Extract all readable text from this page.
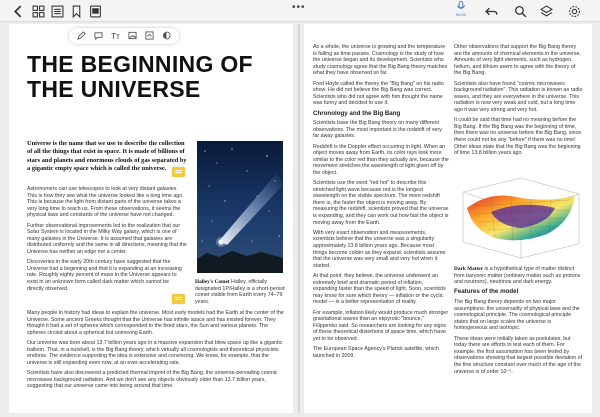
•••
00:00
Tт
THE BEGINNING OF
THE UNIVERSE
Universe is the name that we use to describe the collection of all the things that exist in space. It is made of billions of stars and planets and enormous clouds of gas separated by a gigantic empty space which is called the universe.

Astronomers can use telescopes to look at very distant galaxies. This is how they see what the universe looked like a long time ago. This is because the light from distant parts of the universe takes a very long time to reach us. From these observations, it seems the physical laws and constants of the universe have not changed.

Further observational improvements led to the realization that our Solar System is located in the Milky Way galaxy, which is one of many galaxies in the Universe. It is assumed that galaxies are distributed uniformly and the same in all directions, meaning that the Universe has neither an edge nor a center.

Discoveries in the early 20th century have suggested that the Universe had a beginning and that it is expanding at an increasing rate. Roughly eighty percent of mass in the Universe appears to exist in an unknown form called dark matter which cannot be directly observed.

Halley's Comet Halley, officially designated 1P/Halley is a short-period comet visible from Earth every 74–79 years.

Many people in history had ideas to explain the universe. Most early models had the Earth at the center of the Universe. Some ancient Greeks thought that the Universe has infinite space and has existed forever. They thought it had a set of spheres which corresponded to the fixed stars, the Sun and various planets. The spheres circled about a spherical but unmoving Earth.

Our universe was born about 13.7 billion years ago in a massive expansion that blew space up like a gigantic balloon. That, in a nutshell, is the Big Bang theory, which virtually all cosmologists and theoretical physicists endorse. The evidence supporting the idea is extensive and convincing. We know, for example, that the universe is still expanding even now, at an ever-accelerating rate.

Scientists have also discovered a predicted thermal imprint of the Big Bang, the universe-pervading cosmic microwave background radiation. And we don't see any objects obviously older than 13.7 billion years, suggesting that our universe came into being around that time.

As a whole, the universe is growing and the temperature is falling as time passes. Cosmology is the study of how the universe began and its development. Scientists who study cosmology agree that the Big Bang theory matches what they have observed so far.

Fred Hoyle called the theory the "Big Bang" on his radio show. He did not believe the Big Bang was correct. Scientists who did not agree with him thought the name was funny and decided to use it.

Chronology and the Big Bang

Scientists base the Big Bang theory on many different observations. The most important is the redshift of very far away galaxies.

Redshift is the Doppler effect occurring in light. When an object moves away from Earth, its color rays look more similar to the color red than they actually are, because the movement stretches the wavelength of light given off by the object.

Scientists use the word "red hot" to describe this stretched light wave because red is the longest wavelength on the visible spectrum. The more redshift there is, the faster the object is moving away. By measuring the redshift, scientists proved that the universe is expanding, and they can work out how fast the object is moving away from the Earth.

With very exact observation and measurements, scientists believe that the universe was a singularity approximately 13.8 billion years ago. Because most things become colder as they expand, scientists assume that the universe was very small and very hot when it started.

At that point, they believe, the universe underwent an extremely brief and dramatic period of inflation, expanding faster than the speed of light. Soon, scientists may know for sure which theory — inflation or the cyclic model — is a better representation of reality.

For example, inflation likely would produce much stronger gravitational waves than an ekpyrotic "bounce," Filippenko said. So researchers are looking for any signs of these theoretical distortions of space time, which have yet to be observed.

The European Space Agency's Planck satellite, which launched in 2009.

Other observations that support the Big Bang theory are the amounts of chemical elements in the universe. Amounts of very light elements, such as hydrogen, helium, and lithium seem to agree with the theory of the Big Bang.

Scientists also have found "cosmic microwaves background radiation". This radiation is known as radio waves, and they are everywhere in the universe. This radiation is now very weak and cold, but a long time ago it was very strong and very hot.

It could be said that time had no meaning before the Big Bang. If the Big Bang was the beginning of time, then there was no universe before the Big Bang, since there could not be any "before" if there was no time! Other ideas state that the Big Bang was the beginning of time 13.8 billion years ago.

Dark Matter is a hypothetical type of matter distinct from baryonic matter (ordinary matter such as protons and neutrons), neutrinos and dark energy.

Features of the model

The Big Bang theory depends on two major assumptions: the universality of physical laws and the cosmological principle. The cosmological principle states that on large scales the universe is homogeneous and isotropic.

These ideas were initially taken as postulates, but today there are efforts to test each of them. For example, the first assumption has been tested by observations showing that largest possible deviation of the fine structure constant over much of the age of the universe is of order 10⁻⁵.
